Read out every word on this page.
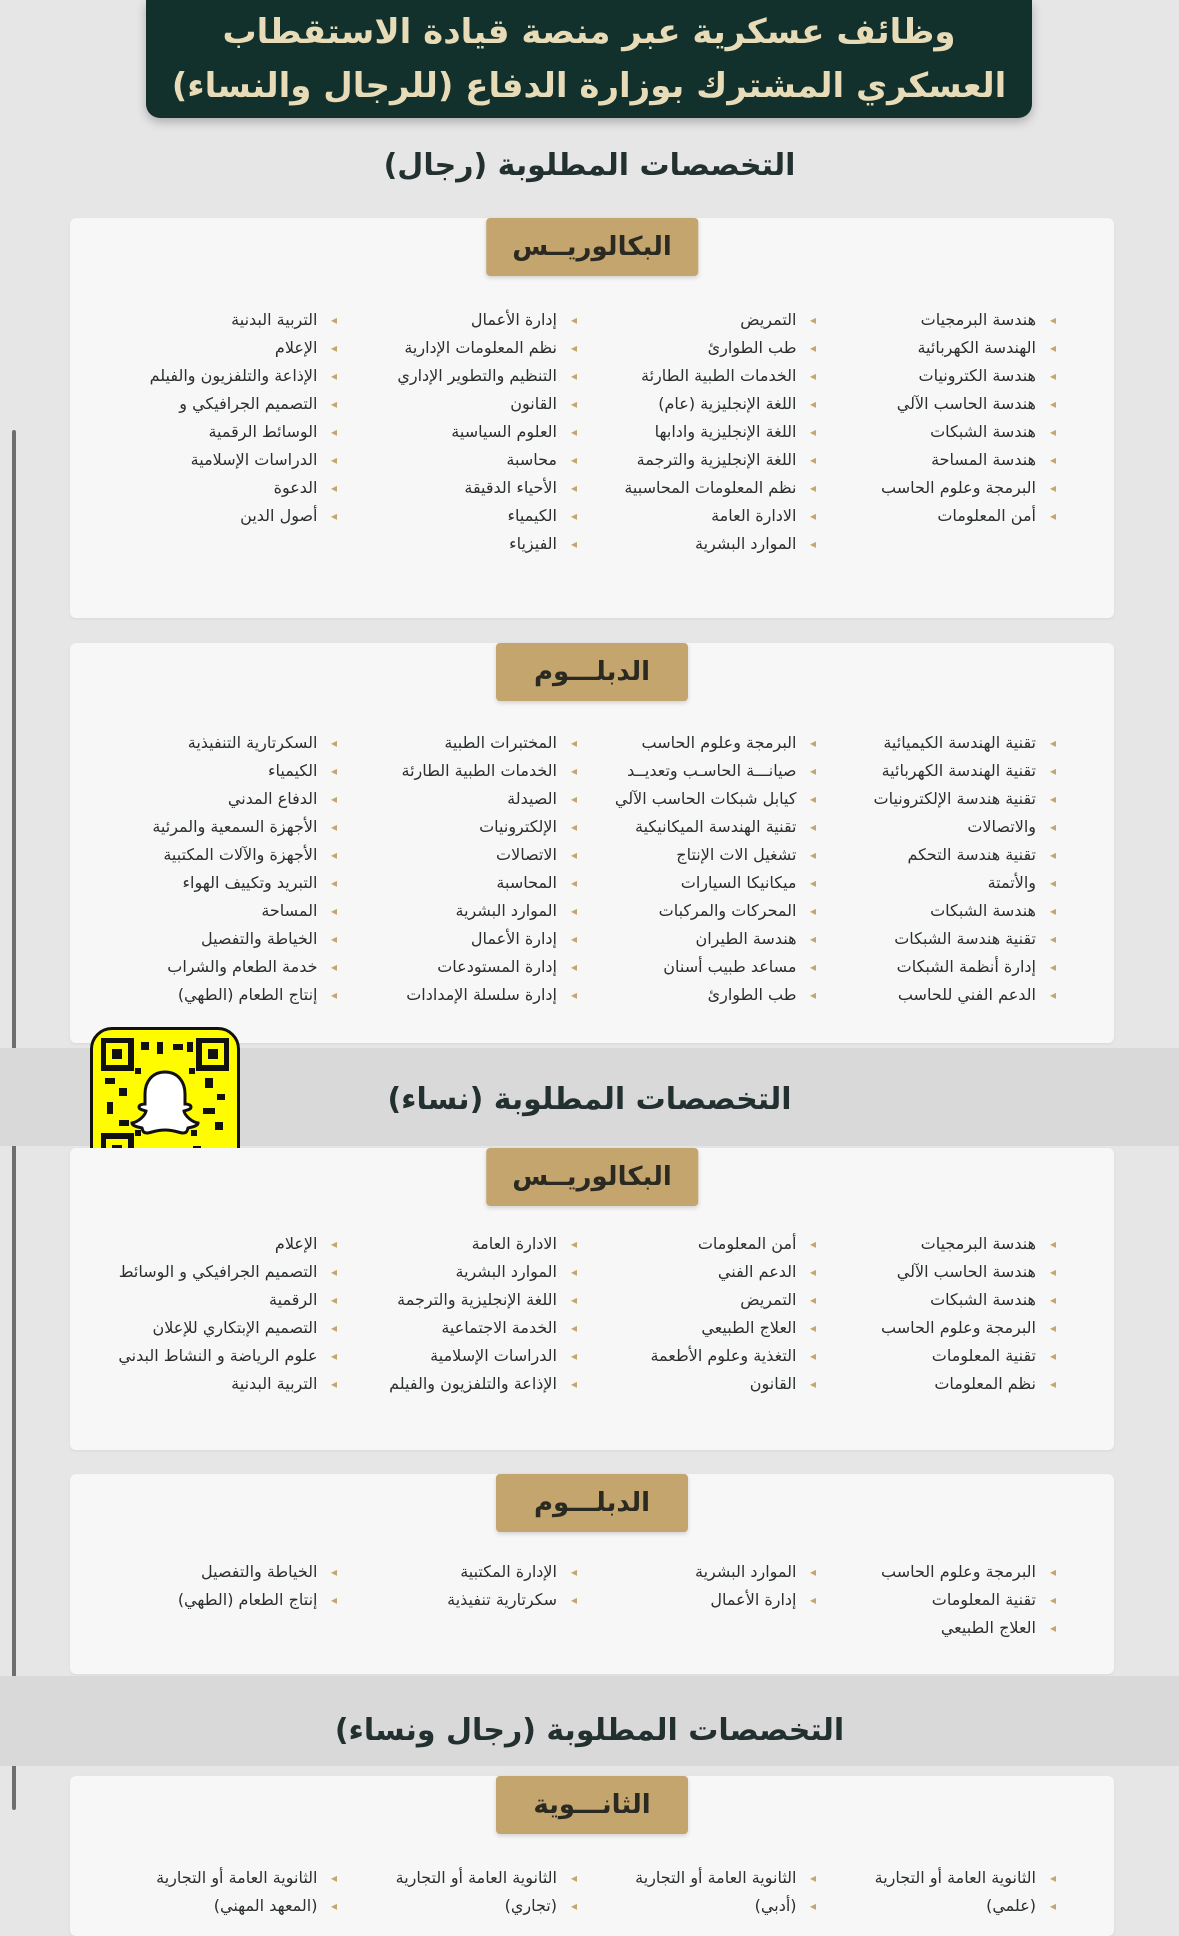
وظائف عسكرية عبر منصة قيادة الاستقطاب
العسكري المشترك بوزارة الدفاع (للرجال والنساء)
التخصصات المطلوبة (رجال)
البكالوريــس
▸ هندسة البرمجيات
▸ الهندسة الكهربائية
▸ هندسة الكترونيات
▸ هندسة الحاسب الآلي
▸ هندسة الشبكات
▸ هندسة المساحة
▸ البرمجة وعلوم الحاسب
▸ أمن المعلومات
▸ التمريض
▸ طب الطوارئ
▸ الخدمات الطبية الطارئة
▸ اللغة الإنجليزية (عام)
▸ اللغة الإنجليزية وادابها
▸ اللغة الإنجليزية والترجمة
▸ نظم المعلومات المحاسبية
▸ الادارة العامة
▸ الموارد البشرية
▸ إدارة الأعمال
▸ نظم المعلومات الإدارية
▸ التنظيم والتطوير الإداري
▸ القانون
▸ العلوم السياسية
▸ محاسبة
▸ الأحياء الدقيقة
▸ الكيمياء
▸ الفيزياء
▸ التربية البدنية
▸ الإعلام
▸ الإذاعة والتلفزيون والفيلم
▸ التصميم الجرافيكي و
▸ الوسائط الرقمية
▸ الدراسات الإسلامية
▸ الدعوة
▸ أصول الدين
الدبلـــوم
▸ تقنية الهندسة الكيميائية
▸ تقنية الهندسة الكهربائية
▸ تقنية هندسة الإلكترونيات
▸ والاتصالات
▸ تقنية هندسة التحكم
▸ والأتمتة
▸ هندسة الشبكات
▸ تقنية هندسة الشبكات
▸ إدارة أنظمة الشبكات
▸ الدعم الفني للحاسب
▸ البرمجة وعلوم الحاسب
▸ صيانـــة الحاسـب وتعديــد
▸ كيابل شبكات الحاسب الآلي
▸ تقنية الهندسة الميكانيكية
▸ تشغيل الات الإنتاج
▸ ميكانيكا السيارات
▸ المحركات والمركبات
▸ هندسة الطيران
▸ مساعد طبيب أسنان
▸ طب الطوارئ
▸ المختبرات الطبية
▸ الخدمات الطبية الطارئة
▸ الصيدلة
▸ الإلكترونيات
▸ الاتصالات
▸ المحاسبة
▸ الموارد البشرية
▸ إدارة الأعمال
▸ إدارة المستودعات
▸ إدارة سلسلة الإمدادات
▸ السكرتارية التنفيذية
▸ الكيمياء
▸ الدفاع المدني
▸ الأجهزة السمعية والمرئية
▸ الأجهزة والآلات المكتبية
▸ التبريد وتكييف الهواء
▸ المساحة
▸ الخياطة والتفصيل
▸ خدمة الطعام والشراب
▸ إنتاج الطعام (الطهي)
التخصصات المطلوبة (نساء)
البكالوريــس
▸ هندسة البرمجيات
▸ هندسة الحاسب الآلي
▸ هندسة الشبكات
▸ البرمجة وعلوم الحاسب
▸ تقنية المعلومات
▸ نظم المعلومات
▸ أمن المعلومات
▸ الدعم الفني
▸ التمريض
▸ العلاج الطبيعي
▸ التغذية وعلوم الأطعمة
▸ القانون
▸ الادارة العامة
▸ الموارد البشرية
▸ اللغة الإنجليزية والترجمة
▸ الخدمة الاجتماعية
▸ الدراسات الإسلامية
▸ الإذاعة والتلفزيون والفيلم
▸ الإعلام
▸ التصميم الجرافيكي و الوسائط
▸ الرقمية
▸ التصميم الإبتكاري للإعلان
▸ علوم الرياضة و النشاط البدني
▸ التربية البدنية
الدبلـــوم
▸ البرمجة وعلوم الحاسب
▸ تقنية المعلومات
▸ العلاج الطبيعي
▸ الموارد البشرية
▸ إدارة الأعمال
▸ الإدارة المكتبية
▸ سكرتارية تنفيذية
▸ الخياطة والتفصيل
▸ إنتاج الطعام (الطهي)
التخصصات المطلوبة (رجال ونساء)
الثانـــوية
▸ الثانوية العامة أو التجارية
▸ (علمي)
▸ الثانوية العامة أو التجارية
▸ (أدبي)
▸ الثانوية العامة أو التجارية
▸ (تجاري)
▸ الثانوية العامة أو التجارية
▸ (المعهد المهني)
